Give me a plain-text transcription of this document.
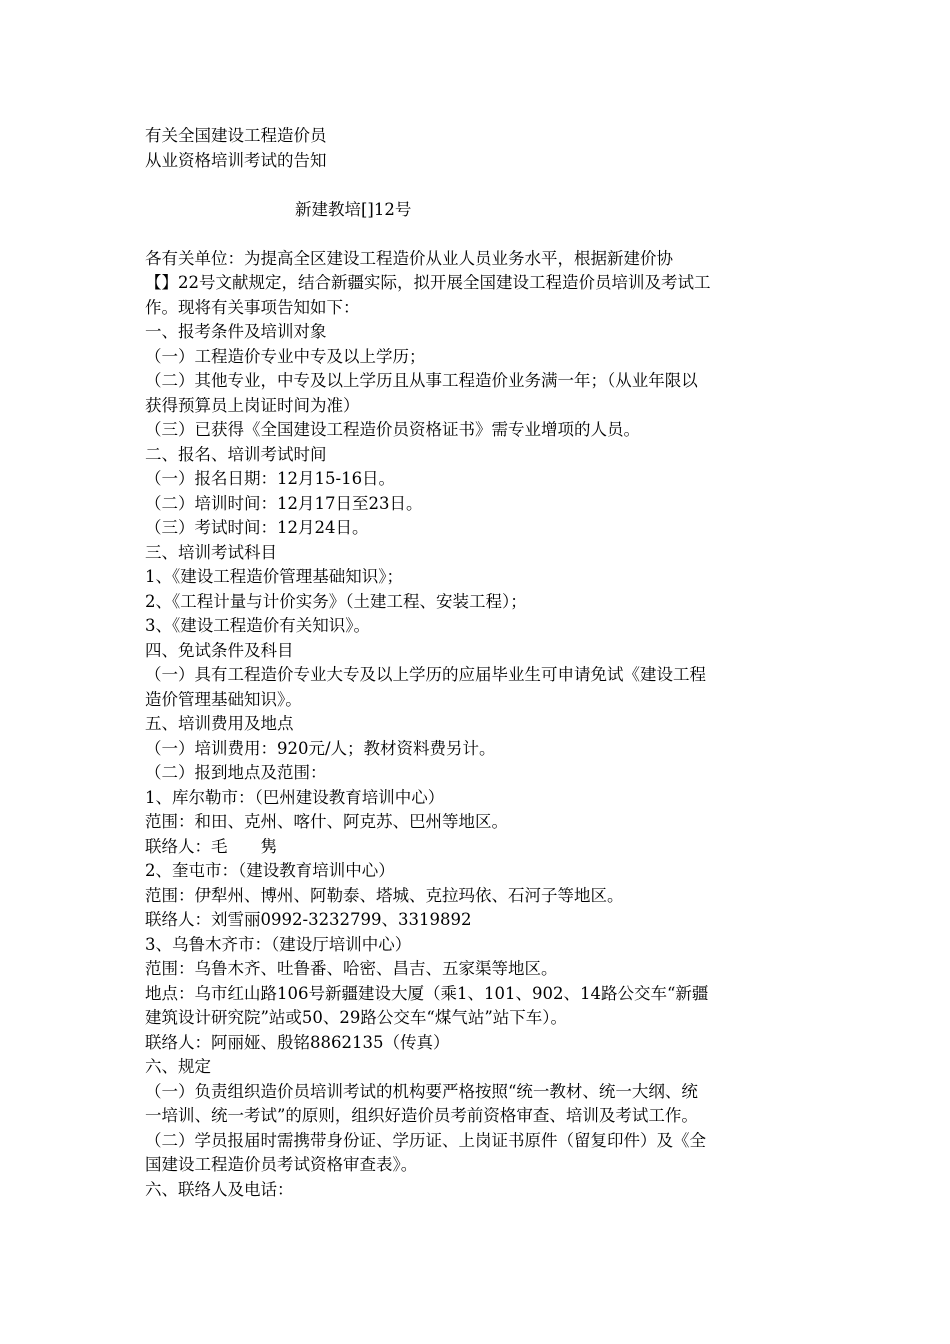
有关全国建设工程造价员

从业资格培训考试的告知

新建教培[]12号

各有关单位：为提高全区建设工程造价从业人员业务水平，根据新建价协

【】22号文献规定，结合新疆实际，拟开展全国建设工程造价员培训及考试工

作。现将有关事项告知如下：

一、报考条件及培训对象

（一）工程造价专业中专及以上学历；

（二）其他专业，中专及以上学历且从事工程造价业务满一年；（从业年限以

获得预算员上岗证时间为准）

（三）已获得《全国建设工程造价员资格证书》需专业增项的人员。

二、报名、培训考试时间

（一）报名日期：12月15-16日。

（二）培训时间：12月17日至23日。

（三）考试时间：12月24日。

三、培训考试科目

1、《建设工程造价管理基础知识》；

2、《工程计量与计价实务》（土建工程、安装工程）；

3、《建设工程造价有关知识》。

四、免试条件及科目

（一）具有工程造价专业大专及以上学历的应届毕业生可申请免试《建设工程

造价管理基础知识》。

五、培训费用及地点

（一）培训费用：920元/人；教材资料费另计。

（二）报到地点及范围：

1、库尔勒市：（巴州建设教育培训中心）

范围：和田、克州、喀什、阿克苏、巴州等地区。

联络人：毛　　隽

2、奎屯市：（建设教育培训中心）

范围：伊犁州、博州、阿勒泰、塔城、克拉玛依、石河子等地区。

联络人：刘雪丽0992-3232799、3319892

3、乌鲁木齐市：（建设厅培训中心）

范围：乌鲁木齐、吐鲁番、哈密、昌吉、五家渠等地区。

地点：乌市红山路106号新疆建设大厦（乘1、101、902、14路公交车“新疆

建筑设计研究院”站或50、29路公交车“煤气站”站下车）。

联络人：阿丽娅、殷铭8862135（传真）

六、规定

（一）负责组织造价员培训考试的机构要严格按照“统一教材、统一大纲、统

一培训、统一考试”的原则，组织好造价员考前资格审查、培训及考试工作。

（二）学员报届时需携带身份证、学历证、上岗证书原件（留复印件）及《全

国建设工程造价员考试资格审查表》。

六、联络人及电话：
